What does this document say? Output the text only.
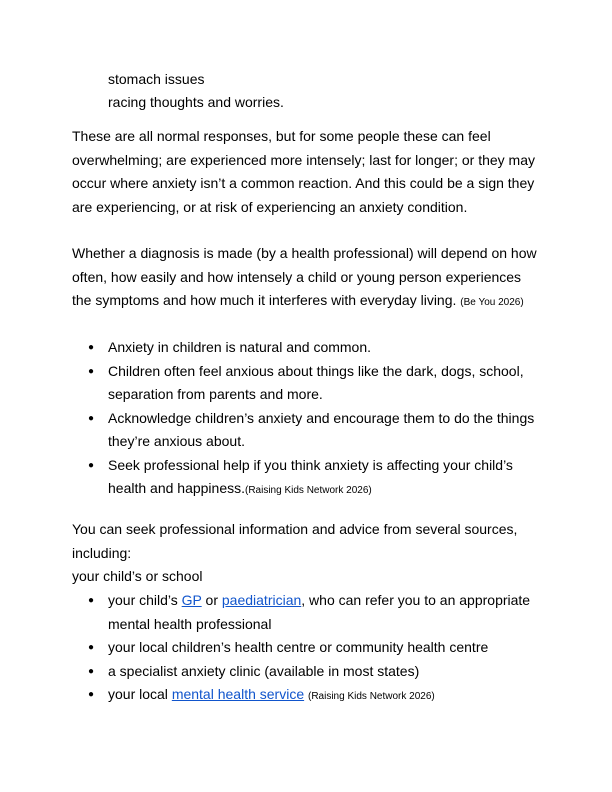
stomach issues
racing thoughts and worries.

These are all normal responses, but for some people these can feel overwhelming; are experienced more intensely; last for longer; or they may occur where anxiety isn’t a common reaction. And this could be a sign they are experiencing, or at risk of experiencing an anxiety condition.

Whether a diagnosis is made (by a health professional) will depend on how often, how easily and how intensely a child or young person experiences the symptoms and how much it interferes with everyday living. (Be You 2026)

● Anxiety in children is natural and common.
● Children often feel anxious about things like the dark, dogs, school, separation from parents and more.
● Acknowledge children’s anxiety and encourage them to do the things they’re anxious about.
● Seek professional help if you think anxiety is affecting your child’s health and happiness.(Raising Kids Network 2026)

You can seek professional information and advice from several sources, including:

your child’s or school

● your child’s GP or paediatrician, who can refer you to an appropriate mental health professional
● your local children’s health centre or community health centre
● a specialist anxiety clinic (available in most states)
● your local mental health service (Raising Kids Network 2026)
